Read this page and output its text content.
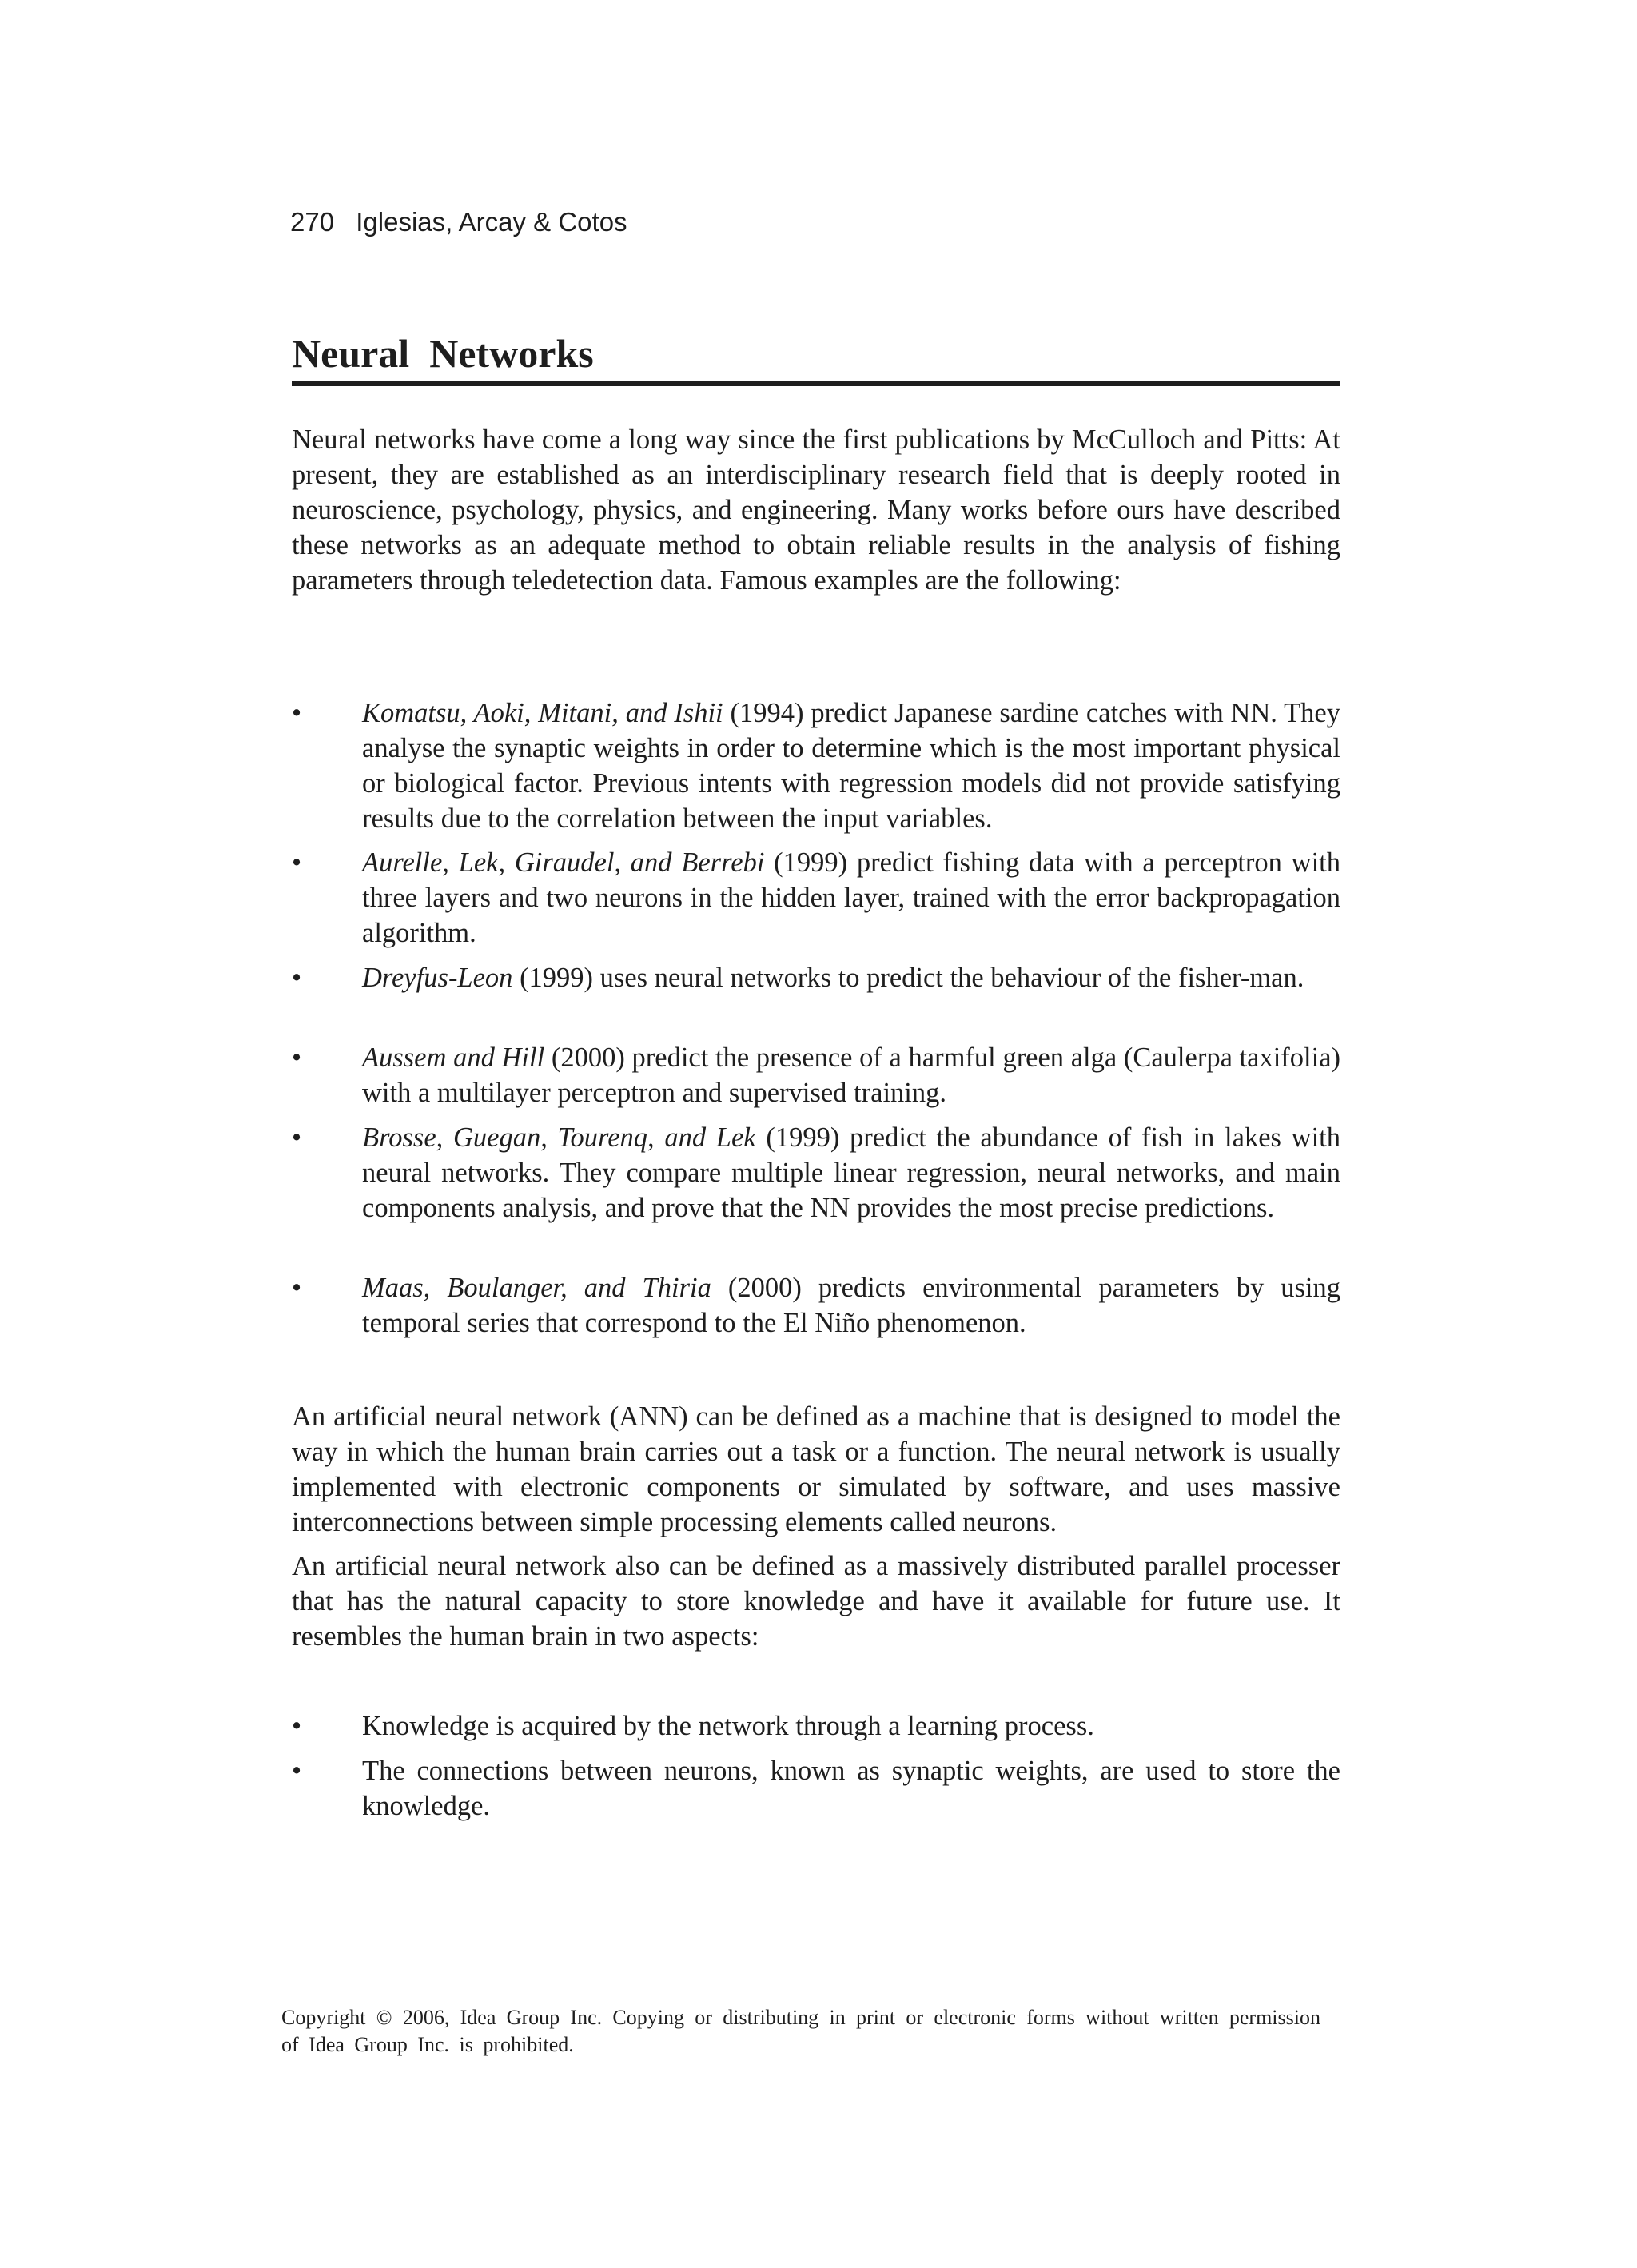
270 Iglesias, Arcay & Cotos
Neural  Networks

Neural networks have come a long way since the first publications by McCulloch and Pitts: At present, they are established as an interdisciplinary research field that is deeply rooted in neuroscience, psychology, physics, and engineering. Many works before ours have described these networks as an adequate method to obtain reliable results in the analysis of fishing parameters through teledetection data. Famous examples are the following:

•	Komatsu, Aoki, Mitani, and Ishii (1994) predict Japanese sardine catches with NN. They analyse the synaptic weights in order to determine which is the most important physical or biological factor. Previous intents with regression models did not provide satisfying results due to the correlation between the input variables.
•	Aurelle, Lek, Giraudel, and Berrebi (1999) predict fishing data with a perceptron with three layers and two neurons in the hidden layer, trained with the error backpropagation algorithm.
•	Dreyfus-Leon (1999) uses neural networks to predict the behaviour of the fisher-man.
•	Aussem and Hill (2000) predict the presence of a harmful green alga (Caulerpa taxifolia) with a multilayer perceptron and supervised training.
•	Brosse, Guegan, Tourenq, and Lek (1999) predict the abundance of fish in lakes with neural networks. They compare multiple linear regression, neural networks, and main components analysis, and prove that the NN provides the most precise predictions.
•	Maas, Boulanger, and Thiria (2000) predicts environmental parameters by using temporal series that correspond to the El Niño phenomenon.

An artificial neural network (ANN) can be defined as a machine that is designed to model the way in which the human brain carries out a task or a function. The neural network is usually implemented with electronic components or simulated by software, and uses massive interconnections between simple processing elements called neurons.

An artificial neural network also can be defined as a massively distributed parallel processer that has the natural capacity to store knowledge and have it available for future use. It resembles the human brain in two aspects:

•	Knowledge is acquired by the network through a learning process.
•	The connections between neurons, known as synaptic weights, are used to store the knowledge.
Copyright © 2006, Idea Group Inc. Copying or distributing in print or electronic forms without written permission of Idea Group Inc. is prohibited.
